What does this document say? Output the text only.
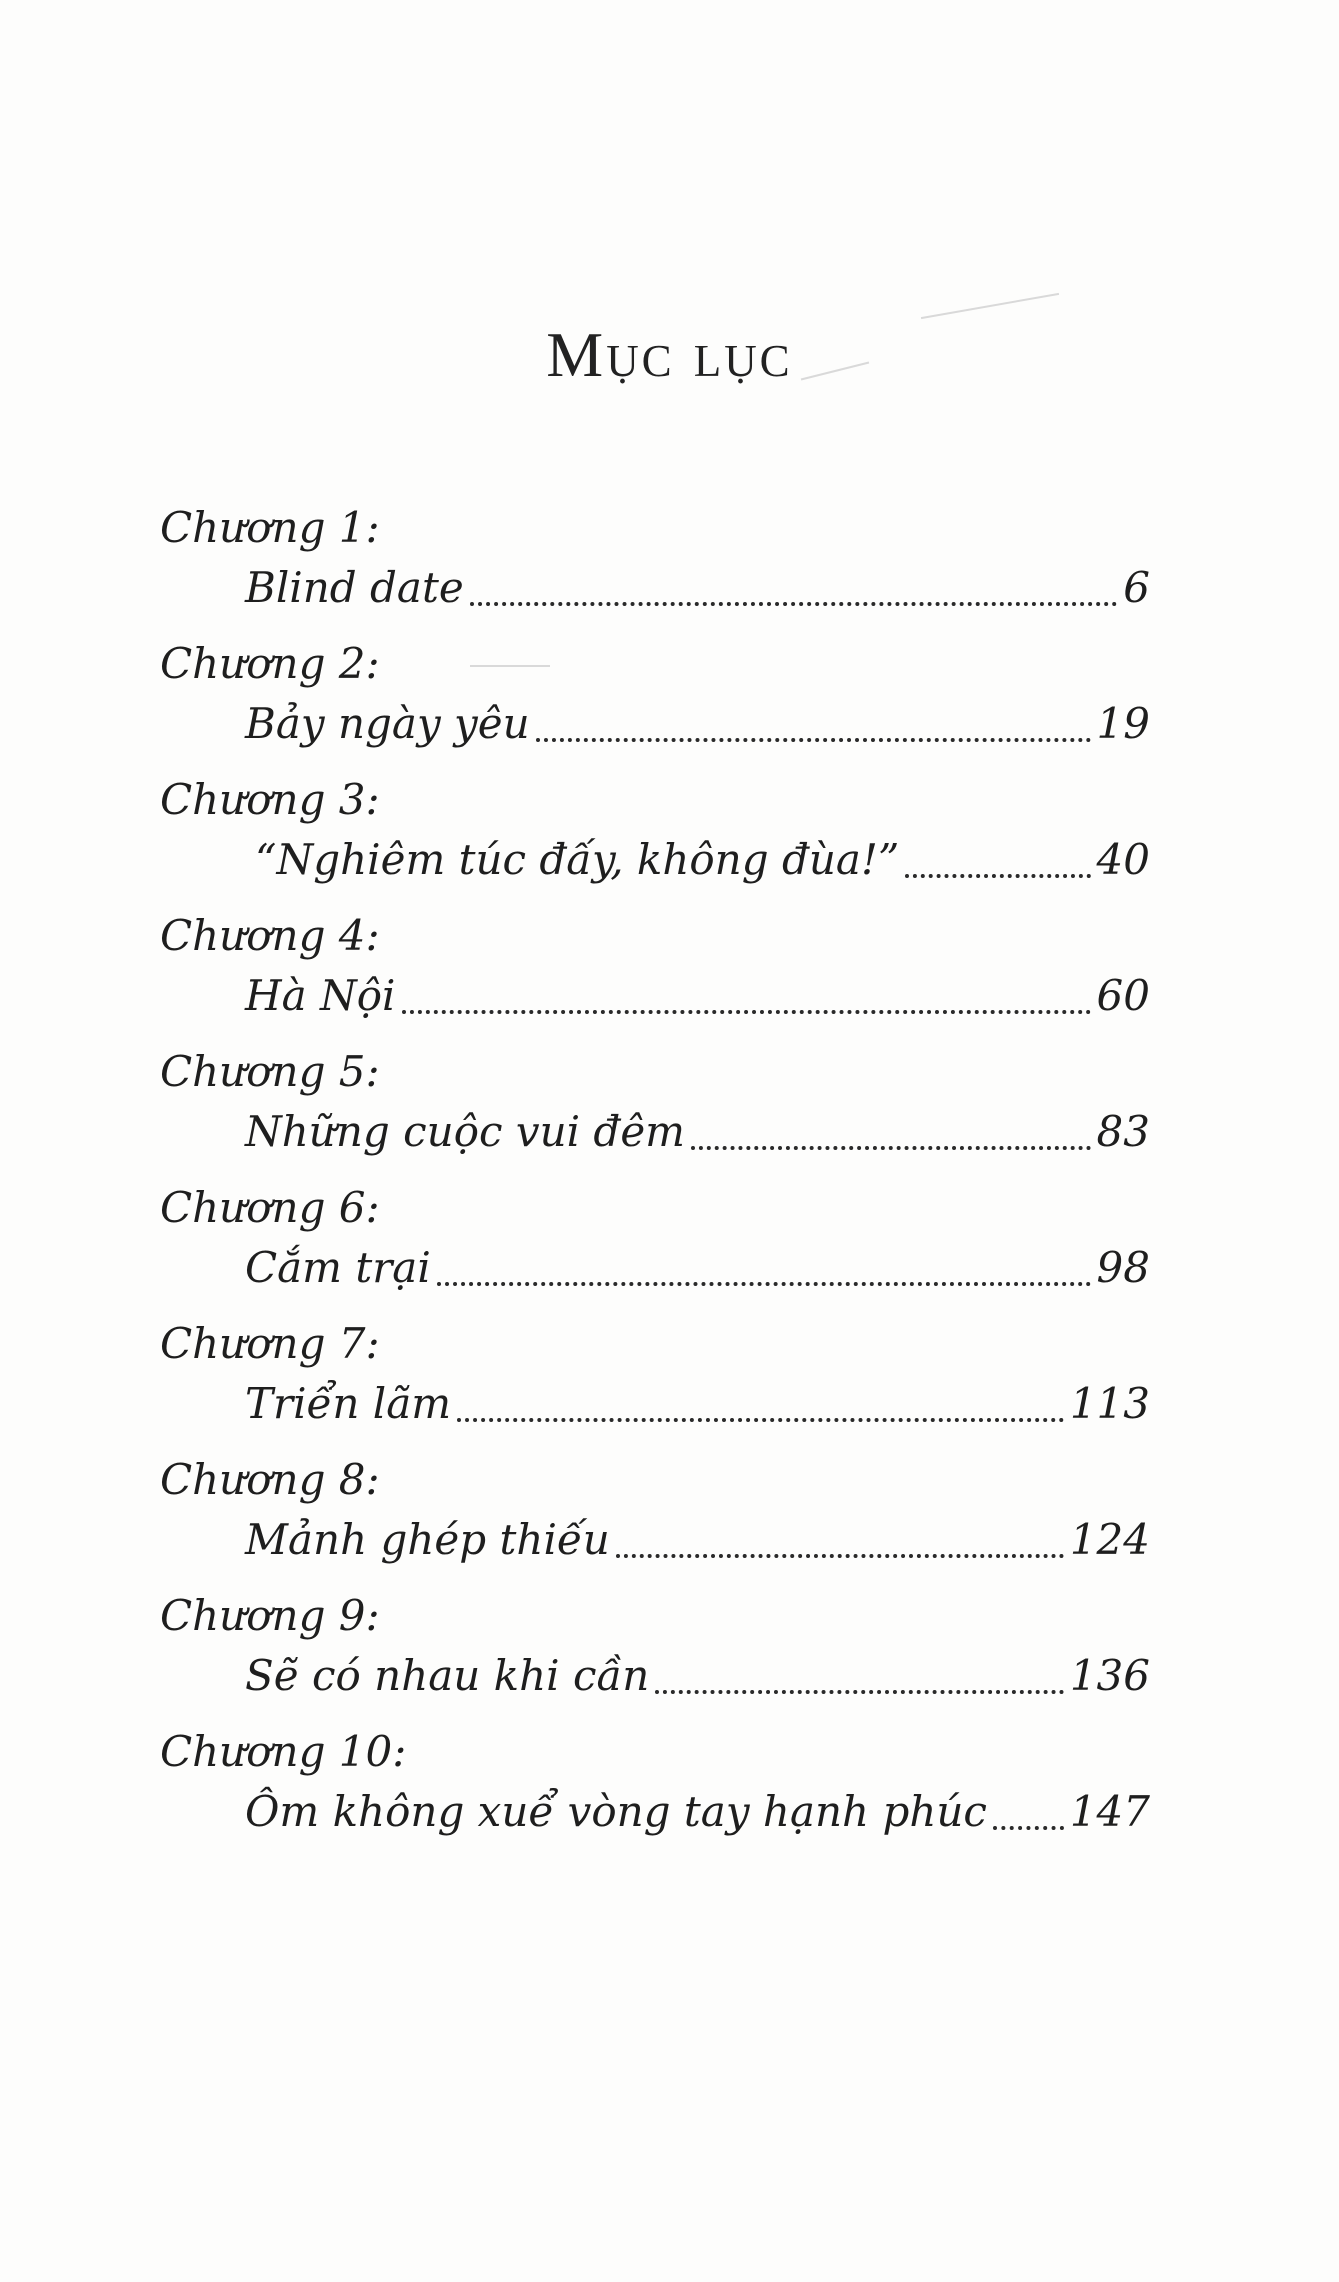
Mục lục
Chương 1:
Blind date	6
Chương 2:
Bảy ngày yêu	19
Chương 3:
“Nghiêm túc đấy, không đùa!”	40
Chương 4:
Hà Nội	60
Chương 5:
Những cuộc vui đêm	83
Chương 6:
Cắm trại	98
Chương 7:
Triển lãm	113
Chương 8:
Mảnh ghép thiếu	124
Chương 9:
Sẽ có nhau khi cần	136
Chương 10:
Ôm không xuể vòng tay hạnh phúc 147
